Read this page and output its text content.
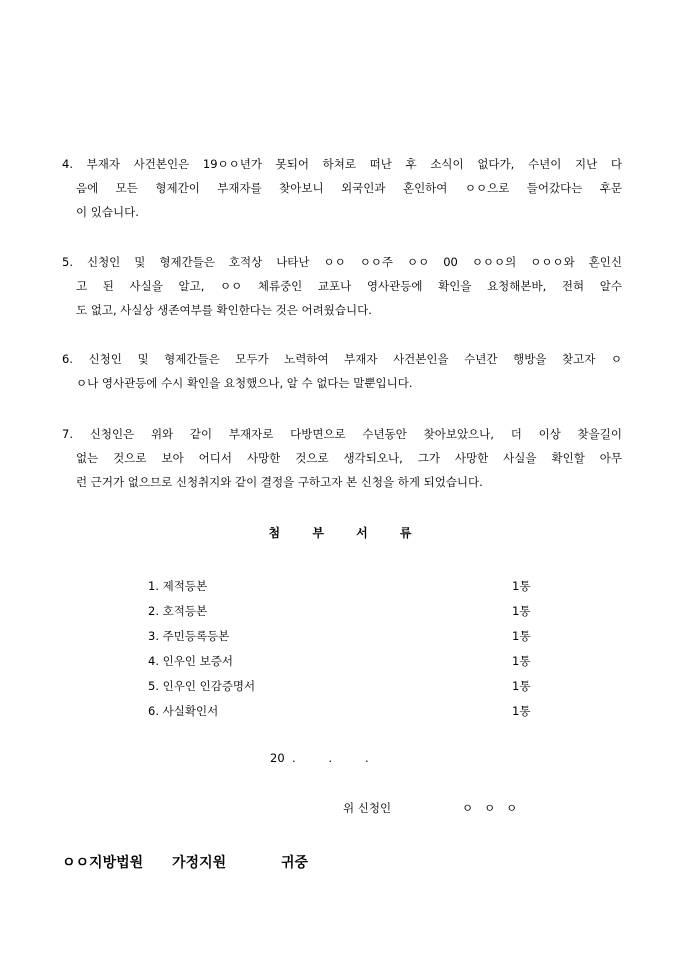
4. 부재자 사건본인은 19ㅇㅇ년가 못되어 하쳐로 떠난 후 소식이 없다가, 수년이 지난 다
음에 모든 형제간이 부재자를 찾아보니 외국인과 혼인하여 ㅇㅇ으로 들어갔다는 후문
이 있습니다.
5. 신청인 및 형제간들은 호적상 나타난 ㅇㅇ ㅇㅇ주 ㅇㅇ 00 ㅇㅇㅇ의 ㅇㅇㅇ와 혼인신
고 된 사실을 알고, ㅇㅇ 체류중인 교포나 영사관등에 확인을 요청해본바, 전혀 알수
도 없고, 사실상 생존여부를 확인한다는 것은 어려웠습니다.
6. 신청인 및 형제간들은 모두가 노력하여 부재자 사건본인을 수년간 행방을 찾고자 ㅇ
ㅇ나 영사관등에 수시 확인을 요청했으나, 알 수 없다는 말뿐입니다.
7. 신청인은 위와 같이 부재자로 다방면으로 수년동안 찾아보았으나, 더 이상 찾을길이
없는 것으로 보아 어디서 사망한 것으로 생각되오나, 그가 사망한 사실을 확인할 아무
런 근거가 없으므로 신청취지와 같이 결정을 구하고자 본 신청을 하게 되었습니다.
첨	부	서	류
1. 제적등본	1통
2. 호적등본	1통
3. 주민등록등본	1통
4. 인우인 보증서	1통
5. 인우인 인감증명서	1통
6. 사실확인서	1통
20  .         .         .
위 신청인	ㅇ   ㅇ   ㅇ
ㅇㅇ지방법원 가정지원	귀중
